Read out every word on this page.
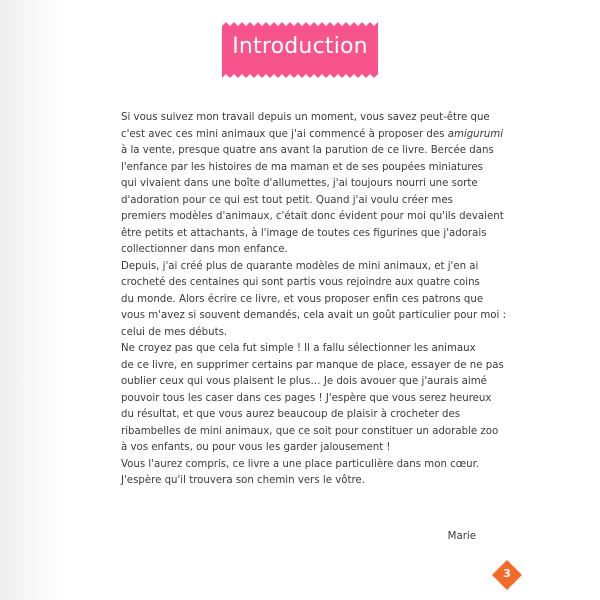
Introduction
Si vous suivez mon travail depuis un moment, vous savez peut-être que
c'est avec ces mini animaux que j'ai commencé à proposer des amigurumi
à la vente, presque quatre ans avant la parution de ce livre. Bercée dans
l'enfance par les histoires de ma maman et de ses poupées miniatures
qui vivaient dans une boîte d'allumettes, j'ai toujours nourri une sorte
d'adoration pour ce qui est tout petit. Quand j'ai voulu créer mes
premiers modèles d'animaux, c'était donc évident pour moi qu'ils devaient
être petits et attachants, à l'image de toutes ces figurines que j'adorais
collectionner dans mon enfance.
Depuis, j'ai créé plus de quarante modèles de mini animaux, et j'en ai
crocheté des centaines qui sont partis vous rejoindre aux quatre coins
du monde. Alors écrire ce livre, et vous proposer enfin ces patrons que
vous m'avez si souvent demandés, cela avait un goût particulier pour moi :
celui de mes débuts.
Ne croyez pas que cela fut simple ! Il a fallu sélectionner les animaux
de ce livre, en supprimer certains par manque de place, essayer de ne pas
oublier ceux qui vous plaisent le plus… Je dois avouer que j'aurais aimé
pouvoir tous les caser dans ces pages ! J'espère que vous serez heureux
du résultat, et que vous aurez beaucoup de plaisir à crocheter des
ribambelles de mini animaux, que ce soit pour constituer un adorable zoo
à vos enfants, ou pour vous les garder jalousement !
Vous l'aurez compris, ce livre a une place particulière dans mon cœur.
J'espère qu'il trouvera son chemin vers le vôtre.
Marie
3
